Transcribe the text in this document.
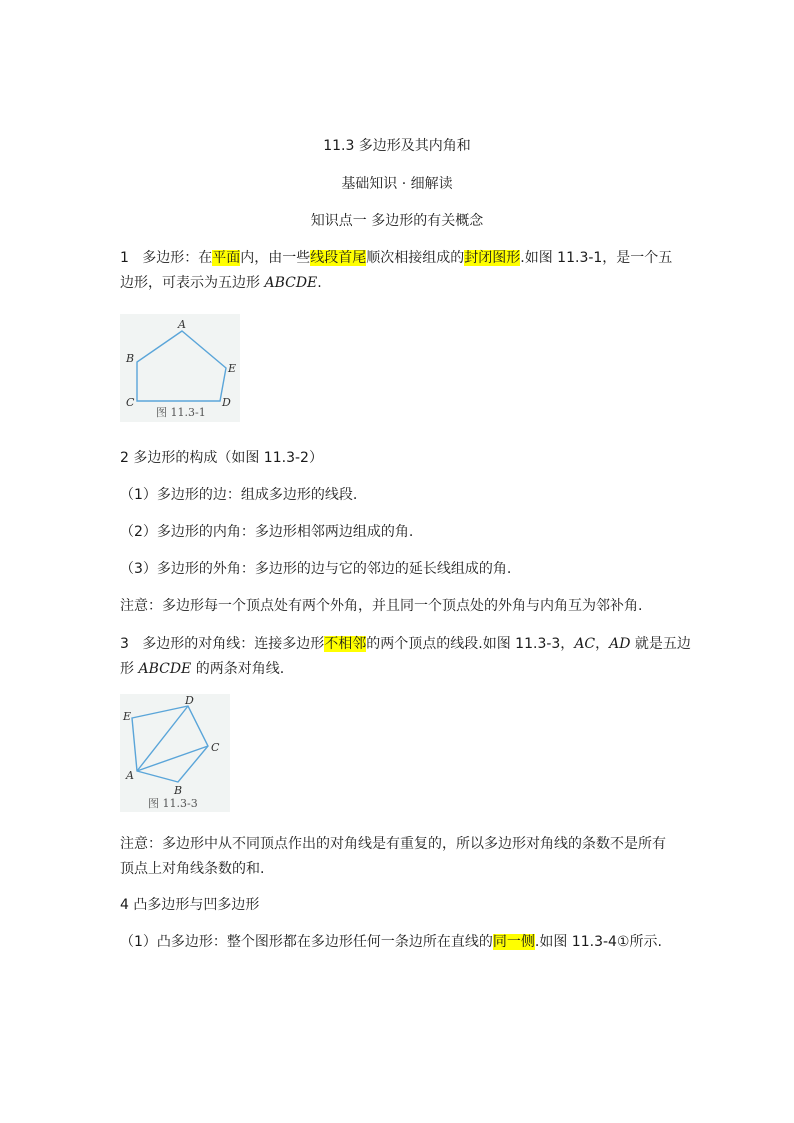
11.3 多边形及其内角和
基础知识 · 细解读
知识点一 多边形的有关概念
1 多边形：在平面内，由一些线段首尾顺次相接组成的封闭图形.如图 11.3-1，是一个五
边形，可表示为五边形 ABCDE.
A
B
C	D
E
图 11.3-1
2 多边形的构成（如图 11.3-2）
（1）多边形的边：组成多边形的线段.
（2）多边形的内角：多边形相邻两边组成的角.
（3）多边形的外角：多边形的边与它的邻边的延长线组成的角.
注意：多边形每一个顶点处有两个外角，并且同一个顶点处的外角与内角互为邻补角.
3 多边形的对角线：连接多边形不相邻的两个顶点的线段.如图 11.3-3，AC，AD 就是五边
形 ABCDE 的两条对角线.
E
D
C
B
A
图 11.3-3
注意：多边形中从不同顶点作出的对角线是有重复的，所以多边形对角线的条数不是所有
顶点上对角线条数的和.
4 凸多边形与凹多边形
（1）凸多边形：整个图形都在多边形任何一条边所在直线的同一侧.如图 11.3-4①所示.
